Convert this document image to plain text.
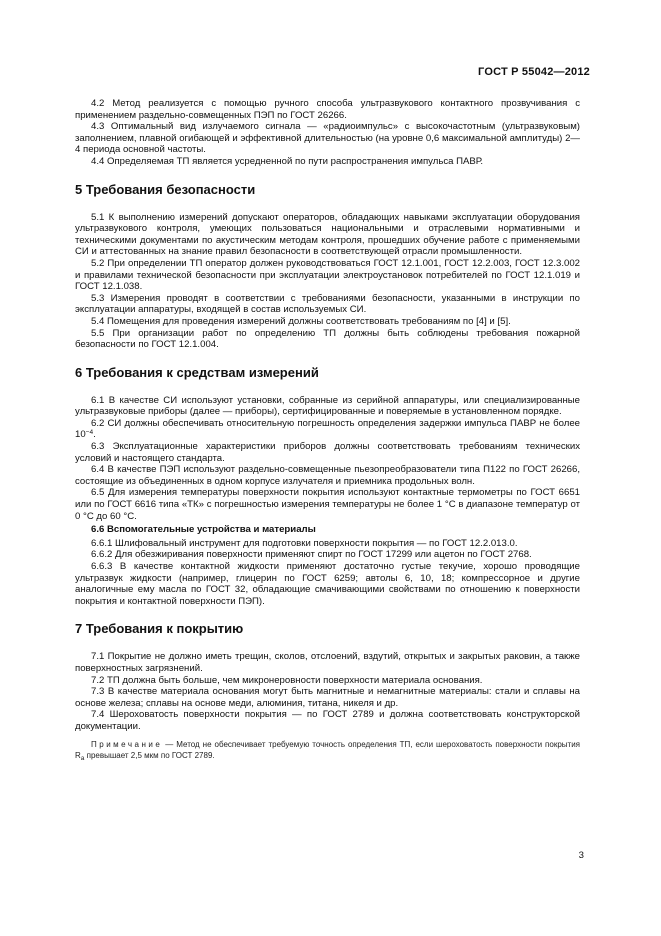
ГОСТ Р 55042—2012

4.2 Метод реализуется с помощью ручного способа ультразвукового контактного прозвучивания с применением раздельно-совмещенных ПЭП по ГОСТ 26266.

4.3 Оптимальный вид излучаемого сигнала — «радиоимпульс» с высокочастотным (ультразвуковым) заполнением, плавной огибающей и эффективной длительностью (на уровне 0,6 максимальной амплитуды) 2—4 периода основной частоты.

4.4 Определяемая ТП является усредненной по пути распространения импульса ПАВР.

5 Требования безопасности

5.1 К выполнению измерений допускают операторов, обладающих навыками эксплуатации оборудования ультразвукового контроля, умеющих пользоваться национальными и отраслевыми нормативными и техническими документами по акустическим методам контроля, прошедших обучение работе с применяемыми СИ и аттестованных на знание правил безопасности в соответствующей отрасли промышленности.

5.2 При определении ТП оператор должен руководствоваться ГОСТ 12.1.001, ГОСТ 12.2.003, ГОСТ 12.3.002 и правилами технической безопасности при эксплуатации электроустановок потребителей по ГОСТ 12.1.019 и ГОСТ 12.1.038.

5.3 Измерения проводят в соответствии с требованиями безопасности, указанными в инструкции по эксплуатации аппаратуры, входящей в состав используемых СИ.

5.4 Помещения для проведения измерений должны соответствовать требованиям по [4] и [5].

5.5 При организации работ по определению ТП должны быть соблюдены требования пожарной безопасности по ГОСТ 12.1.004.

6 Требования к средствам измерений

6.1 В качестве СИ используют установки, собранные из серийной аппаратуры, или специализированные ультразвуковые приборы (далее — приборы), сертифицированные и поверяемые в установленном порядке.

6.2 СИ должны обеспечивать относительную погрешность определения задержки импульса ПАВР не более $10^{-4}$.

6.3 Эксплуатационные характеристики приборов должны соответствовать требованиям технических условий и настоящего стандарта.

6.4 В качестве ПЭП используют раздельно-совмещенные пьезопреобразователи типа П122 по ГОСТ 26266, состоящие из объединенных в одном корпусе излучателя и приемника продольных волн.

6.5 Для измерения температуры поверхности покрытия используют контактные термометры по ГОСТ 6651 или по ГОСТ 6616 типа «ТК» с погрешностью измерения температуры не более 1 °С в диапазоне температур от 0 °С до 60 °С.

6.6 Вспомогательные устройства и материалы

6.6.1 Шлифовальный инструмент для подготовки поверхности покрытия — по ГОСТ 12.2.013.0.

6.6.2 Для обезжиривания поверхности применяют спирт по ГОСТ 17299 или ацетон по ГОСТ 2768.

6.6.3 В качестве контактной жидкости применяют достаточно густые текучие, хорошо проводящие ультразвук жидкости (например, глицерин по ГОСТ 6259; автолы 6, 10, 18; компрессорное и другие аналогичные ему масла по ГОСТ 32, обладающие смачивающими свойствами по отношению к поверхности покрытия и контактной поверхности ПЭП).

7 Требования к покрытию

7.1 Покрытие не должно иметь трещин, сколов, отслоений, вздутий, открытых и закрытых раковин, а также поверхностных загрязнений.

7.2 ТП должна быть больше, чем микронеровности поверхности материала основания.

7.3 В качестве материала основания могут быть магнитные и немагнитные материалы: стали и сплавы на основе железа; сплавы на основе меди, алюминия, титана, никеля и др.

7.4 Шероховатость поверхности покрытия — по ГОСТ 2789 и должна соответствовать конструкторской документации.

Примечание — Метод не обеспечивает требуемую точность определения ТП, если шероховатость поверхности покрытия $R_a$ превышает 2,5 мкм по ГОСТ 2789.
3
